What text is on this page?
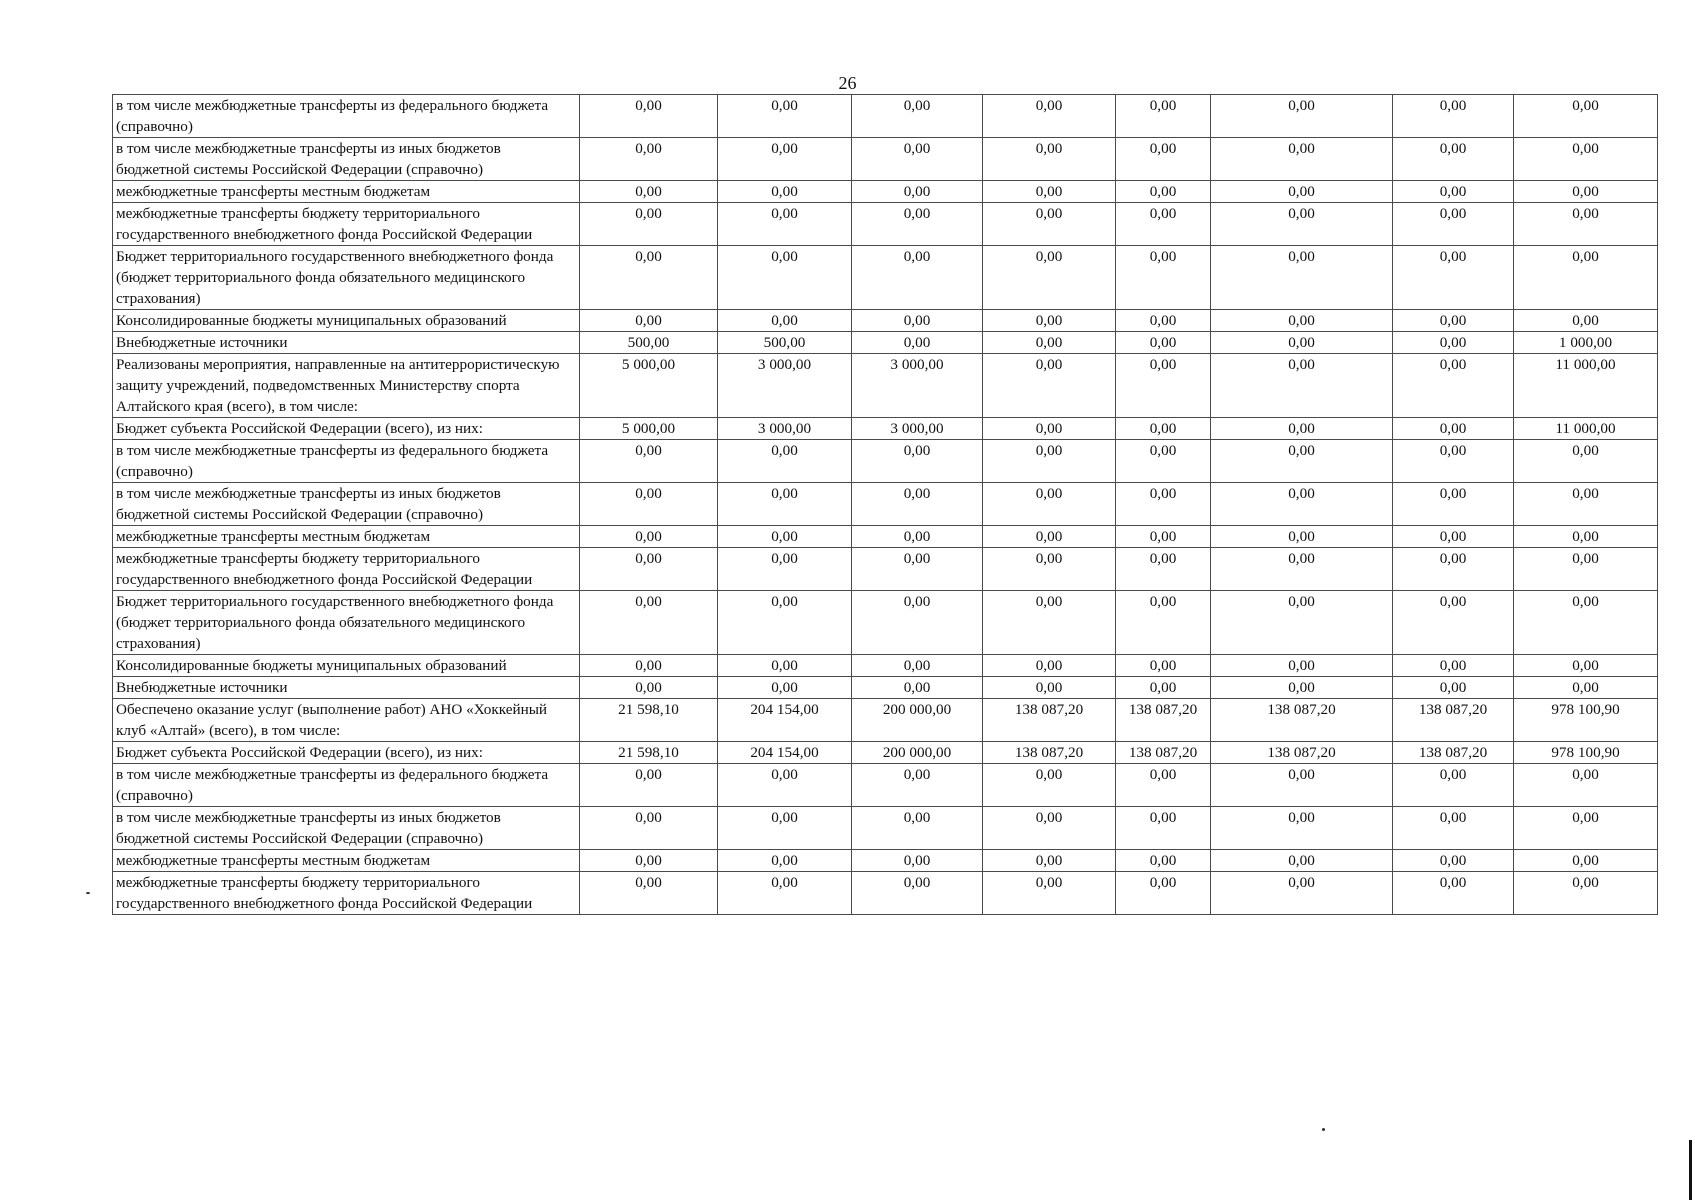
26
в том числе межбюджетные трансферты из федерального бюджета (справочно)	0,00	0,00	0,00	0,00	0,00	0,00	0,00	0,00
в том числе межбюджетные трансферты из иных бюджетов бюджетной системы Российской Федерации (справочно)	0,00	0,00	0,00	0,00	0,00	0,00	0,00	0,00
межбюджетные трансферты местным бюджетам	0,00	0,00	0,00	0,00	0,00	0,00	0,00	0,00
межбюджетные трансферты бюджету территориального государственного внебюджетного фонда Российской Федерации	0,00	0,00	0,00	0,00	0,00	0,00	0,00	0,00
Бюджет территориального государственного внебюджетного фонда (бюджет территориального фонда обязательного медицинского страхования)	0,00	0,00	0,00	0,00	0,00	0,00	0,00	0,00
Консолидированные бюджеты муниципальных образований	0,00	0,00	0,00	0,00	0,00	0,00	0,00	0,00
Внебюджетные источники	500,00	500,00	0,00	0,00	0,00	0,00	0,00	1 000,00
Реализованы мероприятия, направленные на антитеррористическую защиту учреждений, подведомственных Министерству спорта Алтайского края (всего), в том числе:	5 000,00	3 000,00	3 000,00	0,00	0,00	0,00	0,00	11 000,00
Бюджет субъекта Российской Федерации (всего), из них:	5 000,00	3 000,00	3 000,00	0,00	0,00	0,00	0,00	11 000,00
в том числе межбюджетные трансферты из федерального бюджета (справочно)	0,00	0,00	0,00	0,00	0,00	0,00	0,00	0,00
в том числе межбюджетные трансферты из иных бюджетов бюджетной системы Российской Федерации (справочно)	0,00	0,00	0,00	0,00	0,00	0,00	0,00	0,00
межбюджетные трансферты местным бюджетам	0,00	0,00	0,00	0,00	0,00	0,00	0,00	0,00
межбюджетные трансферты бюджету территориального государственного внебюджетного фонда Российской Федерации	0,00	0,00	0,00	0,00	0,00	0,00	0,00	0,00
Бюджет территориального государственного внебюджетного фонда (бюджет территориального фонда обязательного медицинского страхования)	0,00	0,00	0,00	0,00	0,00	0,00	0,00	0,00
Консолидированные бюджеты муниципальных образований	0,00	0,00	0,00	0,00	0,00	0,00	0,00	0,00
Внебюджетные источники	0,00	0,00	0,00	0,00	0,00	0,00	0,00	0,00
Обеспечено оказание услуг (выполнение работ) АНО «Хоккейный клуб «Алтай» (всего), в том числе:	21 598,10	204 154,00	200 000,00	138 087,20	138 087,20	138 087,20	138 087,20	978 100,90
Бюджет субъекта Российской Федерации (всего), из них:	21 598,10	204 154,00	200 000,00	138 087,20	138 087,20	138 087,20	138 087,20	978 100,90
в том числе межбюджетные трансферты из федерального бюджета (справочно)	0,00	0,00	0,00	0,00	0,00	0,00	0,00	0,00
в том числе межбюджетные трансферты из иных бюджетов бюджетной системы Российской Федерации (справочно)	0,00	0,00	0,00	0,00	0,00	0,00	0,00	0,00
межбюджетные трансферты местным бюджетам	0,00	0,00	0,00	0,00	0,00	0,00	0,00	0,00
межбюджетные трансферты бюджету территориального государственного внебюджетного фонда Российской Федерации	0,00	0,00	0,00	0,00	0,00	0,00	0,00	0,00
